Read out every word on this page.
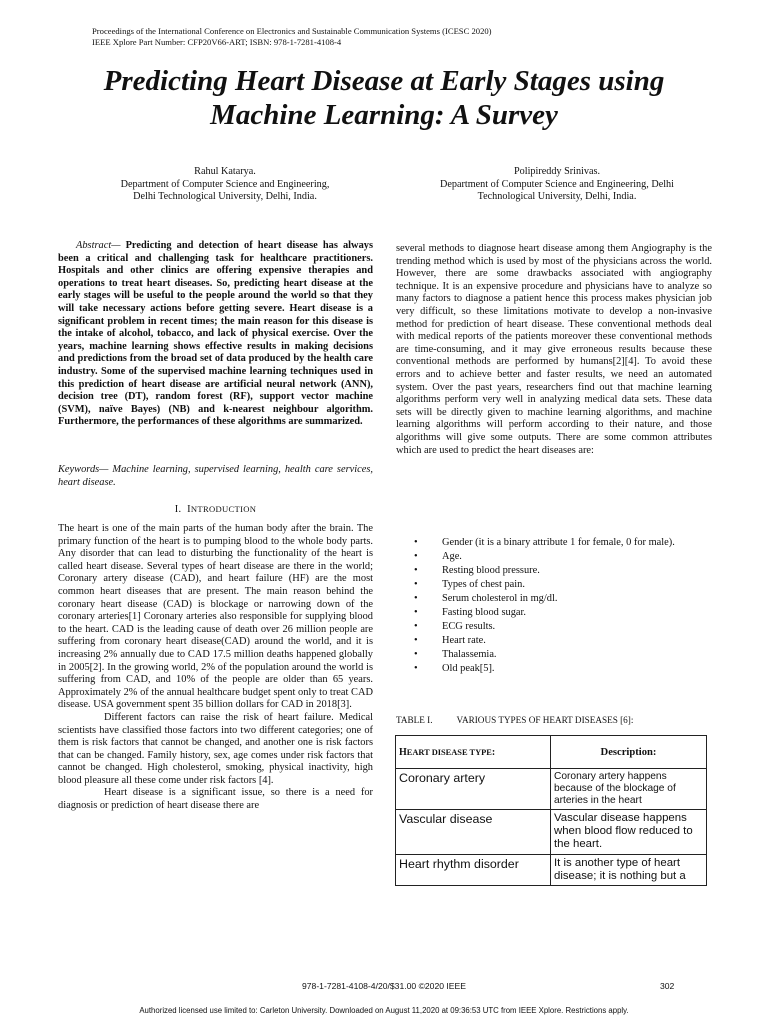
Proceedings of the International Conference on Electronics and Sustainable Communication Systems (ICESC 2020)
IEEE Xplore Part Number: CFP20V66-ART; ISBN: 978-1-7281-4108-4
Predicting Heart Disease at Early Stages using
Machine Learning: A Survey
Rahul Katarya.
Department of Computer Science and Engineering,
Delhi Technological University, Delhi, India.
Polipireddy Srinivas.
Department of Computer Science and Engineering, Delhi
Technological University, Delhi, India.
Abstract— Predicting and detection of heart disease has always been a critical and challenging task for healthcare practitioners. Hospitals and other clinics are offering expensive therapies and operations to treat heart diseases. So, predicting heart disease at the early stages will be useful to the people around the world so that they will take necessary actions before getting severe. Heart disease is a significant problem in recent times; the main reason for this disease is the intake of alcohol, tobacco, and lack of physical exercise. Over the years, machine learning shows effective results in making decisions and predictions from the broad set of data produced by the health care industry. Some of the supervised machine learning techniques used in this prediction of heart disease are artificial neural network (ANN), decision tree (DT), random forest (RF), support vector machine (SVM), naïve Bayes) (NB) and k-nearest neighbour algorithm. Furthermore, the performances of these algorithms are summarized.
Keywords— Machine learning, supervised learning, health care services, heart disease.
I. INTRODUCTION

The heart is one of the main parts of the human body after the brain. The primary function of the heart is to pumping blood to the whole body parts. Any disorder that can lead to disturbing the functionality of the heart is called heart disease. Several types of heart disease are there in the world; Coronary artery disease (CAD), and heart failure (HF) are the most common heart diseases that are present. The main reason behind the coronary heart disease (CAD) is blockage or narrowing down of the coronary arteries[1] Coronary arteries also responsible for supplying blood to the heart. CAD is the leading cause of death over 26 million people are suffering from coronary heart disease(CAD) around the world, and it is increasing 2% annually due to CAD 17.5 million deaths happened globally in 2005[2]. In the growing world, 2% of the population around the world is suffering from CAD, and 10% of the people are older than 65 years. Approximately 2% of the annual healthcare budget spent only to treat CAD disease. USA government spent 35 billion dollars for CAD in 2018[3].

Different factors can raise the risk of heart failure. Medical scientists have classified those factors into two different categories; one of them is risk factors that cannot be changed, and another one is risk factors that can be changed. Family history, sex, age comes under risk factors that cannot be changed. High cholesterol, smoking, physical inactivity, high blood pleasure all these come under risk factors [4].

Heart disease is a significant issue, so there is a need for diagnosis or prediction of heart disease there are

several methods to diagnose heart disease among them Angiography is the trending method which is used by most of the physicians across the world. However, there are some drawbacks associated with angiography technique. It is an expensive procedure and physicians have to analyze so many factors to diagnose a patient hence this process makes physician job very difficult, so these limitations motivate to develop a non-invasive method for prediction of heart disease. These conventional methods deal with medical reports of the patients moreover these conventional methods are time-consuming, and it may give erroneous results because these conventional methods are performed by humans[2][4]. To avoid these errors and to achieve better and faster results, we need an automated system. Over the past years, researchers find out that machine learning algorithms perform very well in analyzing medical data sets. These data sets will be directly given to machine learning algorithms, and machine learning algorithms will perform according to their nature, and those algorithms will give some outputs. There are some common attributes which are used to predict the heart diseases are:
• Gender (it is a binary attribute 1 for female, 0 for male).
• Age.
• Resting blood pressure.
• Types of chest pain.
• Serum cholesterol in mg/dl.
• Fasting blood sugar.
• ECG results.
• Heart rate.
• Thalassemia.
• Old peak[5].
TABLE I.	VARIOUS TYPES OF HEART DISEASES [6]:
HEART DISEASE TYPE:	Description:
Coronary artery	Coronary artery happens because of the blockage of arteries in the heart
Vascular disease	Vascular disease happens when blood flow reduced to the heart.
Heart rhythm disorder	It is another type of heart disease; it is nothing but a
978-1-7281-4108-4/20/$31.00 ©2020 IEEE	302
Authorized licensed use limited to: Carleton University. Downloaded on August 11,2020 at 09:36:53 UTC from IEEE Xplore. Restrictions apply.
